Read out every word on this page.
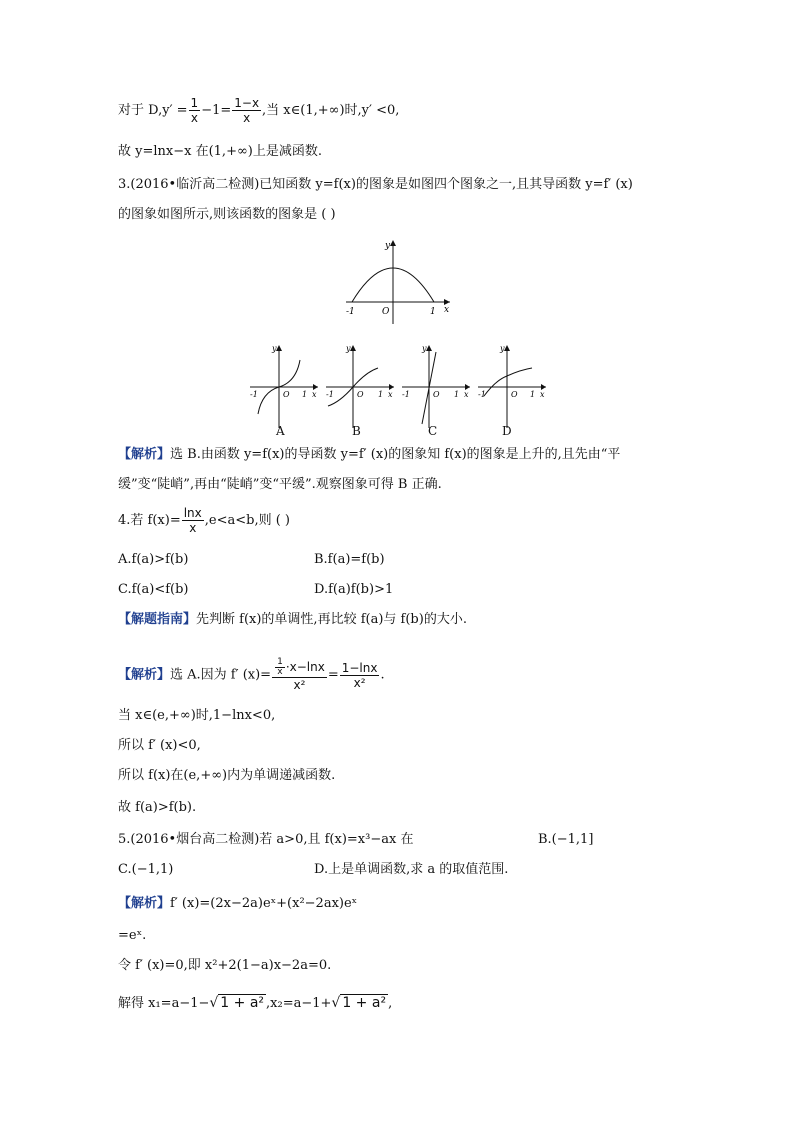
对于 $D,y' = \frac{1}{x} -1= \frac{1-x}{x}$ ,当 x∈(1,+∞)时,y′ <0,
故 y=lnx−x 在(1,+∞)上是减函数.
3.(2016•临沂高二检测)已知函数 y=f(x)的图象是如图四个图象之一,且其导函数 y=f′ (x)
的图象如图所示,则该函数的图象是 ( )
y
x
O
-1	1
y
x
O
-1	1
y
x
O
-1	1
y
x
O
-1	1
y
x
O
-1	1
A	B	C	D
【解析】选 B.由函数 y=f(x)的导函数 y=f′ (x)的图象知 f(x)的图象是上升的,且先由“平
缓”变“陡峭”,再由“陡峭”变“平缓”.观察图象可得 B 正确.
4.若 $f(x)= \frac{\ln x}{x} ,e<a<b$,则 ( )
A.f(a)>f(b)	B.f(a)=f(b)
C.f(a)<f(b)	D.f(a)f(b)>1
【解题指南】先判断 f(x)的单调性,再比较 f(a)与 f(b)的大小.
【解析】选 A.因为 f′ $(x)= \frac{\frac{1}{x} \cdot x-\ln x}{\text{x²}} = \frac{1-\ln x}{\text{x²}}$ .
当 x∈(e,+∞)时,1−lnx<0,
所以 f′ (x)<0,
所以 f(x)在(e,+∞)内为单调递减函数.
故 f(a)>f(b).
5.(2016•烟台高二检测)若 a>0,且 f(x)=x³−ax 在	B.(−1,1]
C.(−1,1)	D.上是单调函数,求 a 的取值范围.
【解析】f′ (x)=(2x−2a)eˣ+(x²−2ax)eˣ
=eˣ.
令 f′ (x)=0,即 x²+2(1−a)x−2a=0.
解得 x₁=a−1−√ 1 + a² ,x₂=a−1+√ 1 + a² ,
